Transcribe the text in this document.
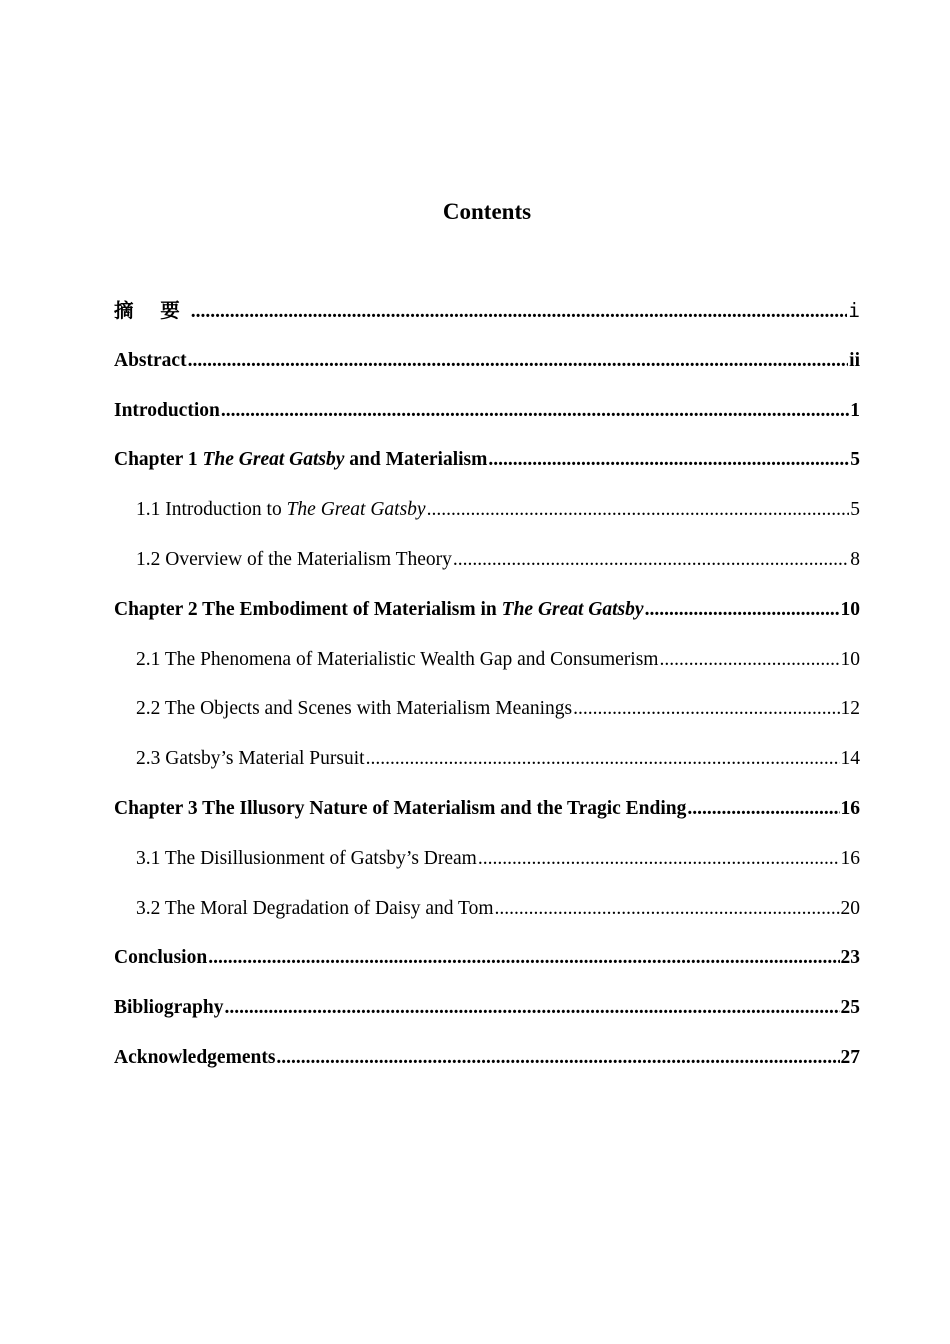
Contents
摘 要 .....	i
Abstract .....	ii
Introduction .....	1
Chapter 1 The Great Gatsby and Materialism .....	5
1.1 Introduction to The Great Gatsby .....	5
1.2 Overview of the Materialism Theory .....	8
Chapter 2 The Embodiment of Materialism in The Great Gatsby .....	10
2.1 The Phenomena of Materialistic Wealth Gap and Consumerism .....	10
2.2 The Objects and Scenes with Materialism Meanings .....	12
2.3 Gatsby’s Material Pursuit .....	14
Chapter 3 The Illusory Nature of Materialism and the Tragic Ending .....	16
3.1 The Disillusionment of Gatsby’s Dream .....	16
3.2 The Moral Degradation of Daisy and Tom .....	20
Conclusion .....	23
Bibliography .....	25
Acknowledgements .....	27
